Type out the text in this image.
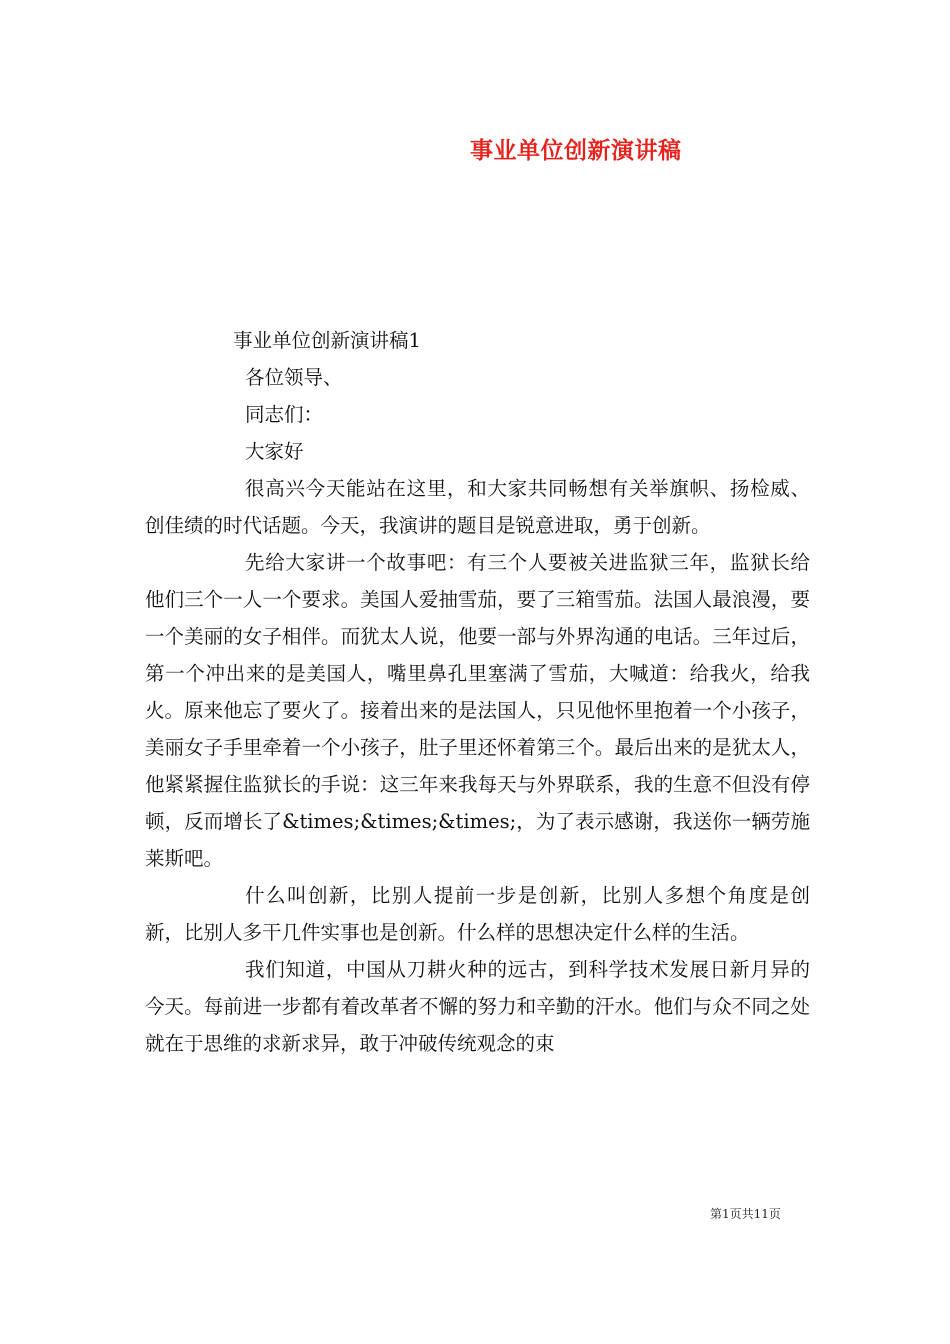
事业单位创新演讲稿

事业单位创新演讲稿1

各位领导、

同志们：

大家好

很高兴今天能站在这里，和大家共同畅想有关举旗帜、扬检威、创佳绩的时代话题。今天，我演讲的题目是锐意进取，勇于创新。

先给大家讲一个故事吧：有三个人要被关进监狱三年，监狱长给他们三个一人一个要求。美国人爱抽雪茄，要了三箱雪茄。法国人最浪漫，要一个美丽的女子相伴。而犹太人说，他要一部与外界沟通的电话。三年过后，第一个冲出来的是美国人，嘴里鼻孔里塞满了雪茄，大喊道：给我火，给我火。原来他忘了要火了。接着出来的是法国人，只见他怀里抱着一个小孩子，美丽女子手里牵着一个小孩子，肚子里还怀着第三个。最后出来的是犹太人，他紧紧握住监狱长的手说：这三年来我每天与外界联系，我的生意不但没有停顿，反而增长了&times;&times;&times;，为了表示感谢，我送你一辆劳施莱斯吧。

什么叫创新，比别人提前一步是创新，比别人多想个角度是创新，比别人多干几件实事也是创新。什么样的思想决定什么样的生活。

我们知道，中国从刀耕火种的远古，到科学技术发展日新月异的今天。每前进一步都有着改革者不懈的努力和辛勤的汗水。他们与众不同之处就在于思维的求新求异，敢于冲破传统观念的束

第1页共11页
